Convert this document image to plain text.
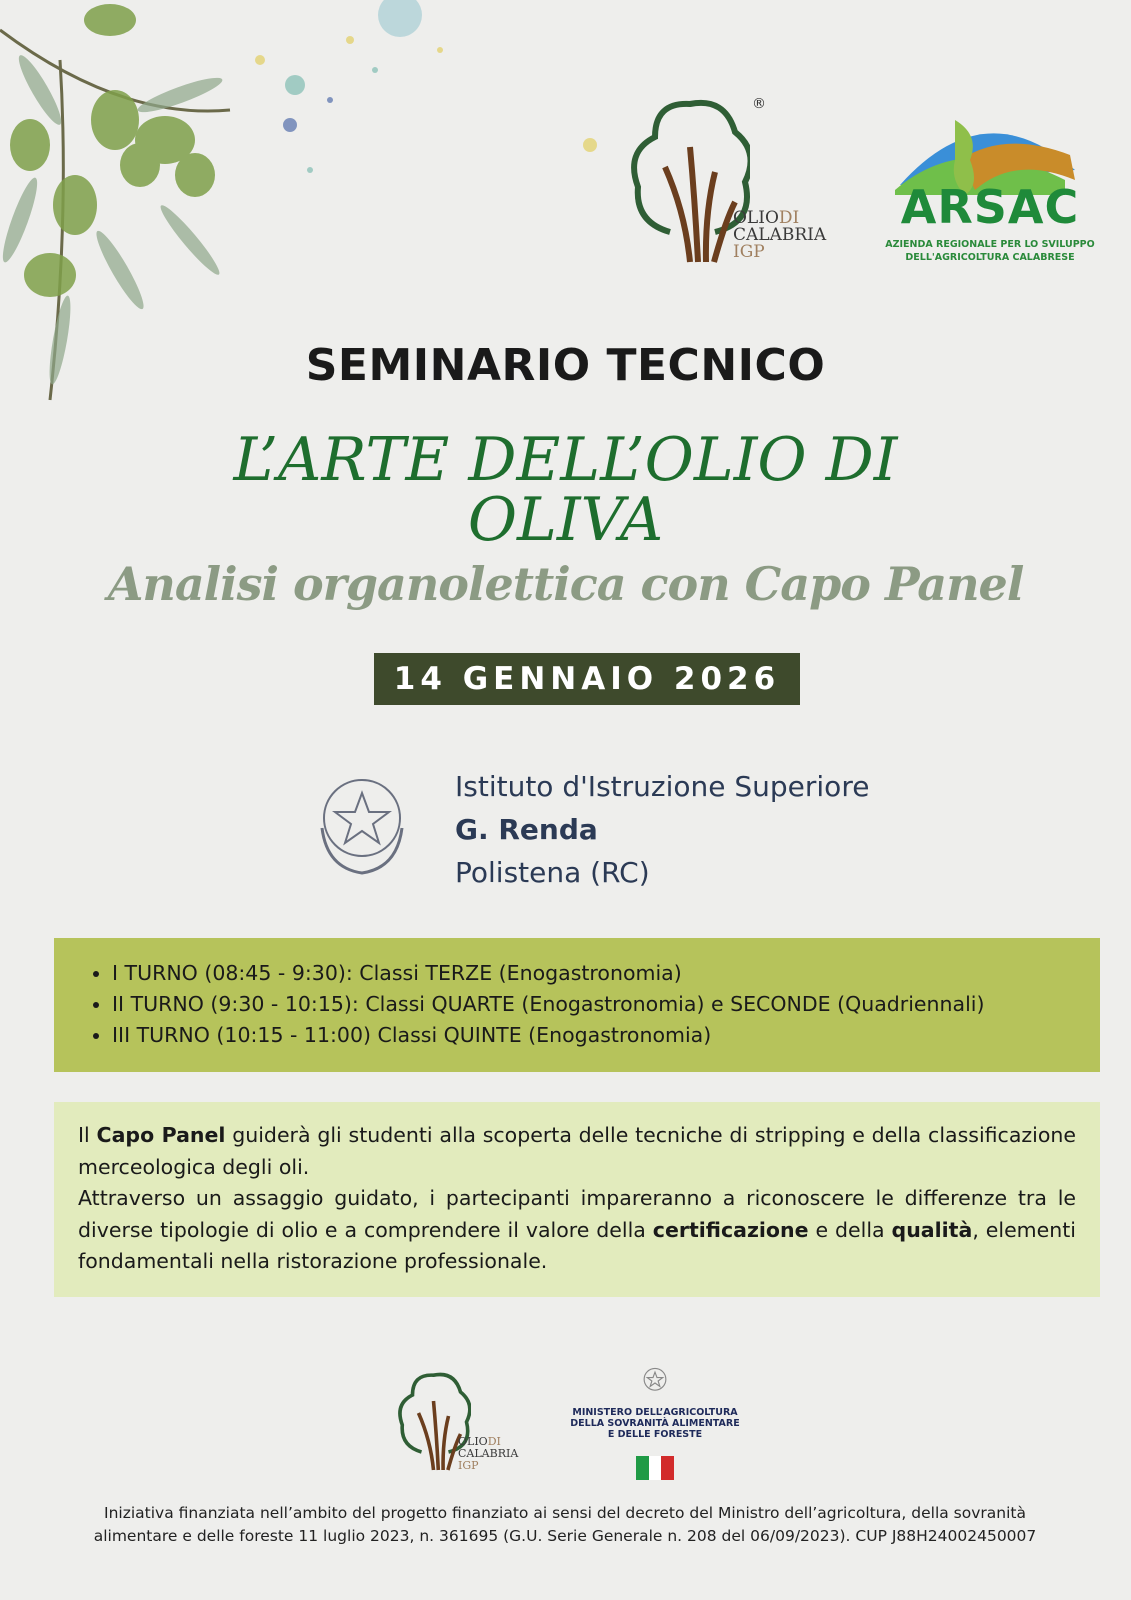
®
OLIODI
CALABRIA
IGP
ARSAC
AZIENDA REGIONALE PER LO SVILUPPO
DELL'AGRICOLTURA CALABRESE
SEMINARIO TECNICO
L’ARTE DELL’OLIO DI
OLIVA
Analisi organolettica con Capo Panel
14 GENNAIO 2026
Istituto d'Istruzione Superiore
G. Renda
Polistena (RC)
• I TURNO (08:45 - 9:30): Classi TERZE (Enogastronomia)
• II TURNO (9:30 - 10:15): Classi QUARTE (Enogastronomia) e SECONDE (Quadriennali)
• III TURNO (10:15 - 11:00) Classi QUINTE (Enogastronomia)

Il Capo Panel guiderà gli studenti alla scoperta delle tecniche di stripping e della classificazione merceologica degli oli.

Attraverso un assaggio guidato, i partecipanti impareranno a riconoscere le differenze tra le diverse tipologie di olio e a comprendere il valore della certificazione e della qualità, elementi fondamentali nella ristorazione professionale.

OLIODI
CALABRIA
IGP
MINISTERO DELL’AGRICOLTURA
DELLA SOVRANITÀ ALIMENTARE
E DELLE FORESTE
Iniziativa finanziata nell’ambito del progetto finanziato ai sensi del decreto del Ministro dell’agricoltura, della sovranità alimentare e delle foreste 11 luglio 2023, n. 361695 (G.U. Serie Generale n. 208 del 06/09/2023). CUP J88H24002450007
